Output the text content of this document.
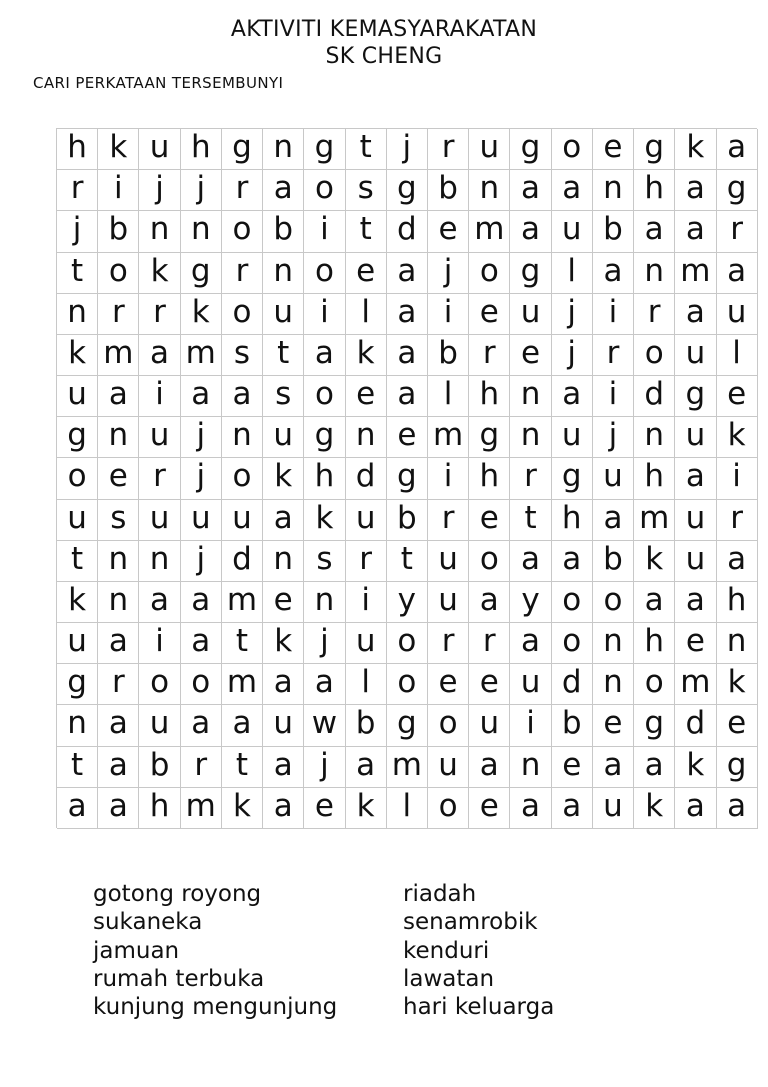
AKTIVITI KEMASYARAKATAN
SK CHENG
CARI PERKATAAN TERSEMBUNYI
h k u h g n g t j r u g o e g k a
r i	j	j r a o s g b n a a n h a g
j b n n o b i t d e m a u b a a r
t o k g r n o e a j o g l a n m a
n r r k o u i	l a i e u j	i r a u
k m a m s t a k a b r e j r o u l
u a i a a s o e a l h n a i d g e
g n u j n u g n e m g n u j n u k
o e r j o k h d g i h r g u h a i
u s u u u a k u b r e t h a m u r
t n n j d n s r t u o a a b k u a
k n a a m e n i y u a y o o a a h
u a i a t k j u o r r a o n h e n
g r o o m a a l o e e u d n o m k
n a u a a u w b g o u i b e g d e
t a b r t a j a m u a n e a a k g
a a h m k a e k l o e a a u k a a
gotong royong
sukaneka
jamuan
rumah terbuka
kunjung mengunjung
riadah
senamrobik
kenduri
lawatan
hari keluarga
